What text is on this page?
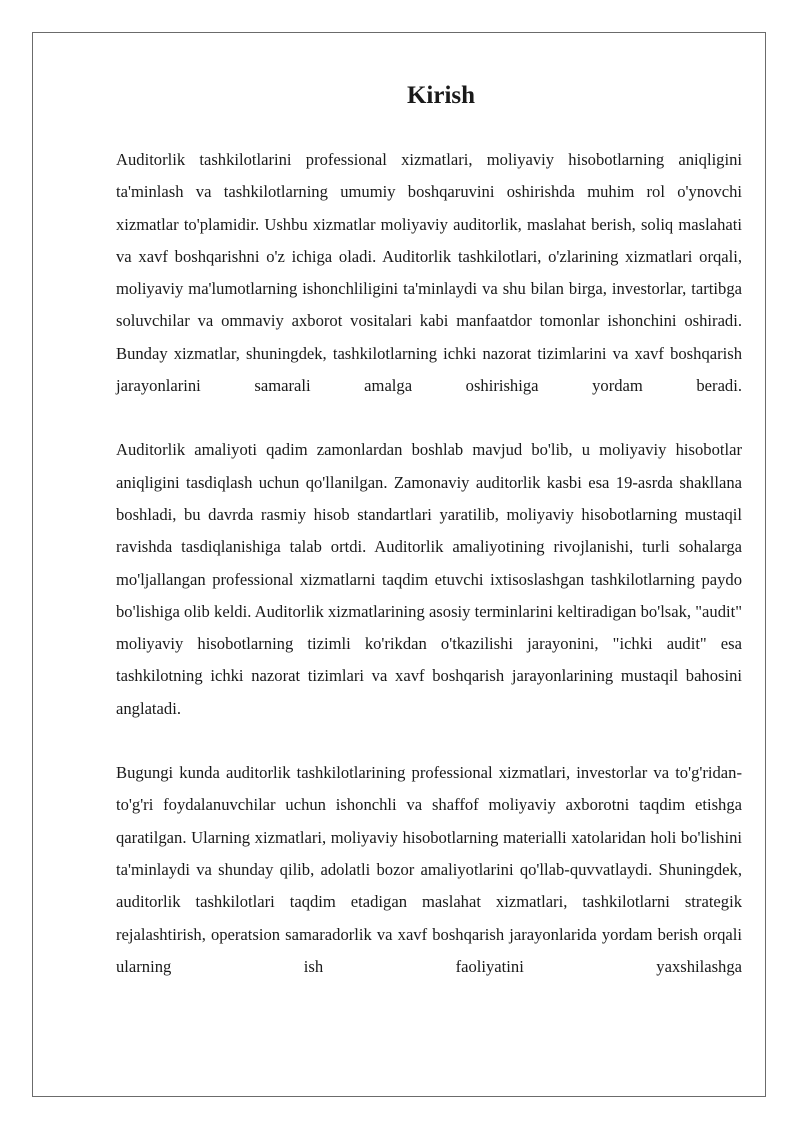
Kirish

Auditorlik tashkilotlarini professional xizmatlari, moliyaviy hisobotlarning aniqligini ta'minlash va tashkilotlarning umumiy boshqaruvini oshirishda muhim rol o'ynovchi xizmatlar to'plamidir. Ushbu xizmatlar moliyaviy auditorlik, maslahat berish, soliq maslahati va xavf boshqarishni o'z ichiga oladi. Auditorlik tashkilotlari, o'zlarining xizmatlari orqali, moliyaviy ma'lumotlarning ishonchliligini ta'minlaydi va shu bilan birga, investorlar, tartibga soluvchilar va ommaviy axborot vositalari kabi manfaatdor tomonlar ishonchini oshiradi. Bunday xizmatlar, shuningdek, tashkilotlarning ichki nazorat tizimlarini va xavf boshqarish jarayonlarini samarali amalga oshirishiga yordam beradi.

Auditorlik amaliyoti qadim zamonlardan boshlab mavjud bo'lib, u moliyaviy hisobotlar aniqligini tasdiqlash uchun qo'llanilgan. Zamonaviy auditorlik kasbi esa 19-asrda shakllana boshladi, bu davrda rasmiy hisob standartlari yaratilib, moliyaviy hisobotlarning mustaqil ravishda tasdiqlanishiga talab ortdi. Auditorlik amaliyotining rivojlanishi, turli sohalarga mo'ljallangan professional xizmatlarni taqdim etuvchi ixtisoslashgan tashkilotlarning paydo bo'lishiga olib keldi. Auditorlik xizmatlarining asosiy terminlarini keltiradigan bo'lsak, "audit" moliyaviy hisobotlarning tizimli ko'rikdan o'tkazilishi jarayonini, "ichki audit" esa tashkilotning ichki nazorat tizimlari va xavf boshqarish jarayonlarining mustaqil bahosini anglatadi.

Bugungi kunda auditorlik tashkilotlarining professional xizmatlari, investorlar va to'g'ridan-to'g'ri foydalanuvchilar uchun ishonchli va shaffof moliyaviy axborotni taqdim etishga qaratilgan. Ularning xizmatlari, moliyaviy hisobotlarning materialli xatolaridan holi bo'lishini ta'minlaydi va shunday qilib, adolatli bozor amaliyotlarini qo'llab-quvvatlaydi. Shuningdek, auditorlik tashkilotlari taqdim etadigan maslahat xizmatlari, tashkilotlarni strategik rejalashtirish, operatsion samaradorlik va xavf boshqarish jarayonlarida yordam berish orqali ularning ish faoliyatini yaxshilashga
